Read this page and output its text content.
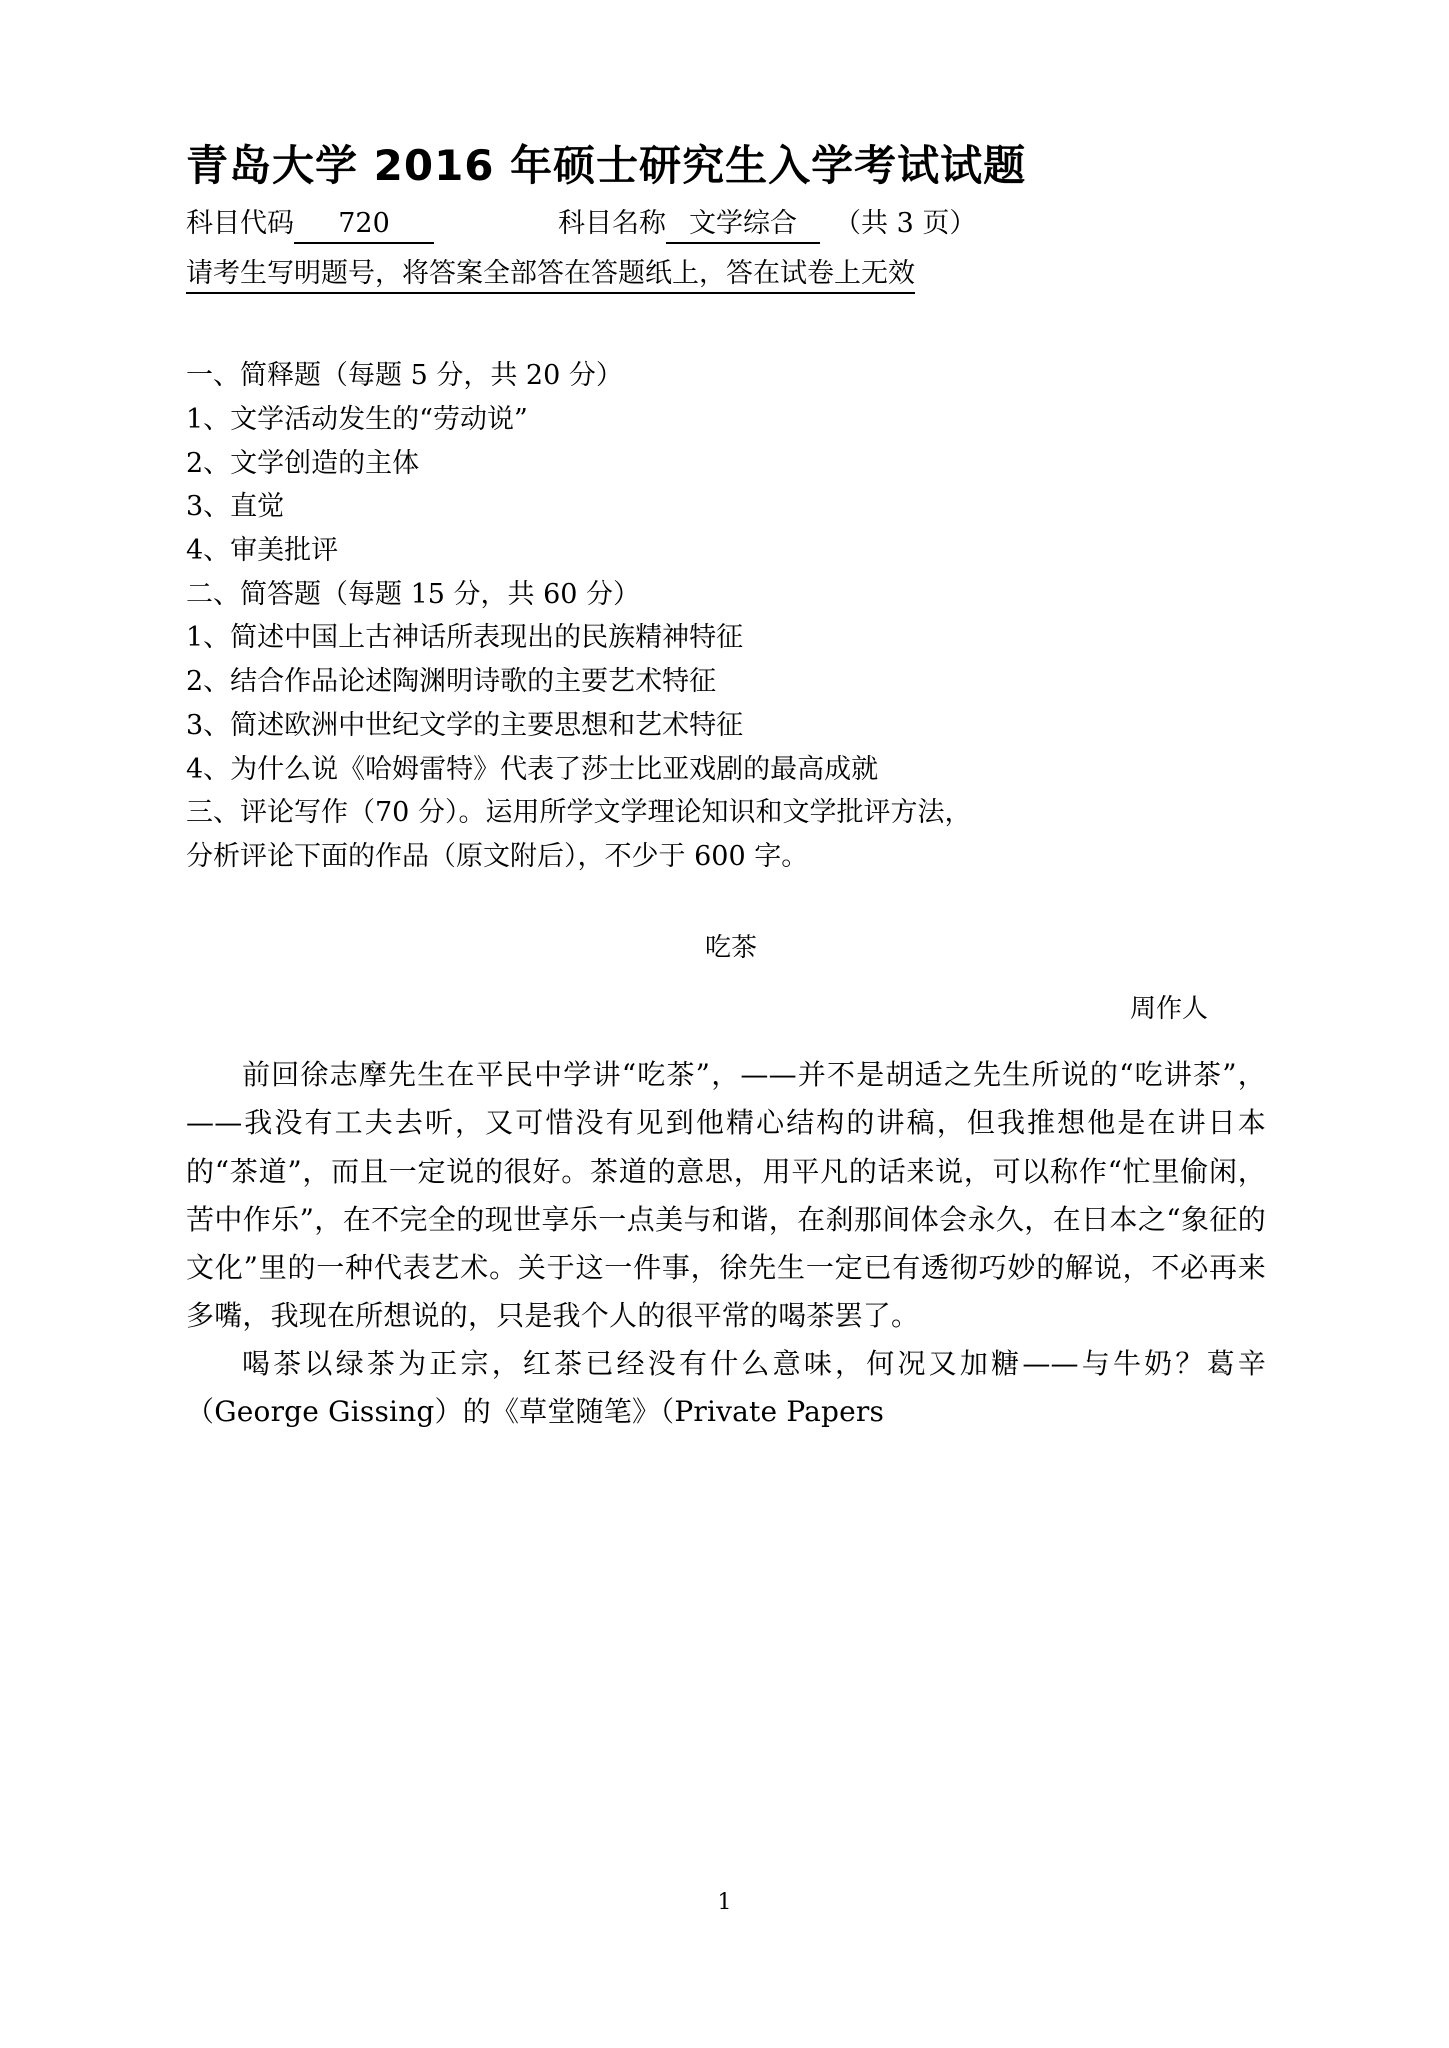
青岛大学 2016 年硕士研究生入学考试试题
科目代码	720	科目名称 文学综合	（共 3 页）
请考生写明题号，将答案全部答在答题纸上，答在试卷上无效

一、简释题（每题 5 分，共 20 分）

1、文学活动发生的“劳动说”

2、文学创造的主体

3、直觉

4、审美批评

二、简答题（每题 15 分，共 60 分）

1、简述中国上古神话所表现出的民族精神特征

2、结合作品论述陶渊明诗歌的主要艺术特征

3、简述欧洲中世纪文学的主要思想和艺术特征

4、为什么说《哈姆雷特》代表了莎士比亚戏剧的最高成就

三、评论写作（70 分）。运用所学文学理论知识和文学批评方法，

分析评论下面的作品（原文附后），不少于 600 字。

吃茶

周作人

前回徐志摩先生在平民中学讲“吃茶”，——并不是胡适之先生所说的“吃讲茶”，——我没有工夫去听，又可惜没有见到他精心结构的讲稿，但我推想他是在讲日本的“茶道”，而且一定说的很好。茶道的意思，用平凡的话来说，可以称作“忙里偷闲，苦中作乐”，在不完全的现世享乐一点美与和谐，在刹那间体会永久，在日本之“象征的文化”里的一种代表艺术。关于这一件事，徐先生一定已有透彻巧妙的解说，不必再来多嘴，我现在所想说的，只是我个人的很平常的喝茶罢了。

喝茶以绿茶为正宗，红茶已经没有什么意味，何况又加糖——与牛奶？葛辛（George Gissing）的《草堂随笔》（Private Papers

1
